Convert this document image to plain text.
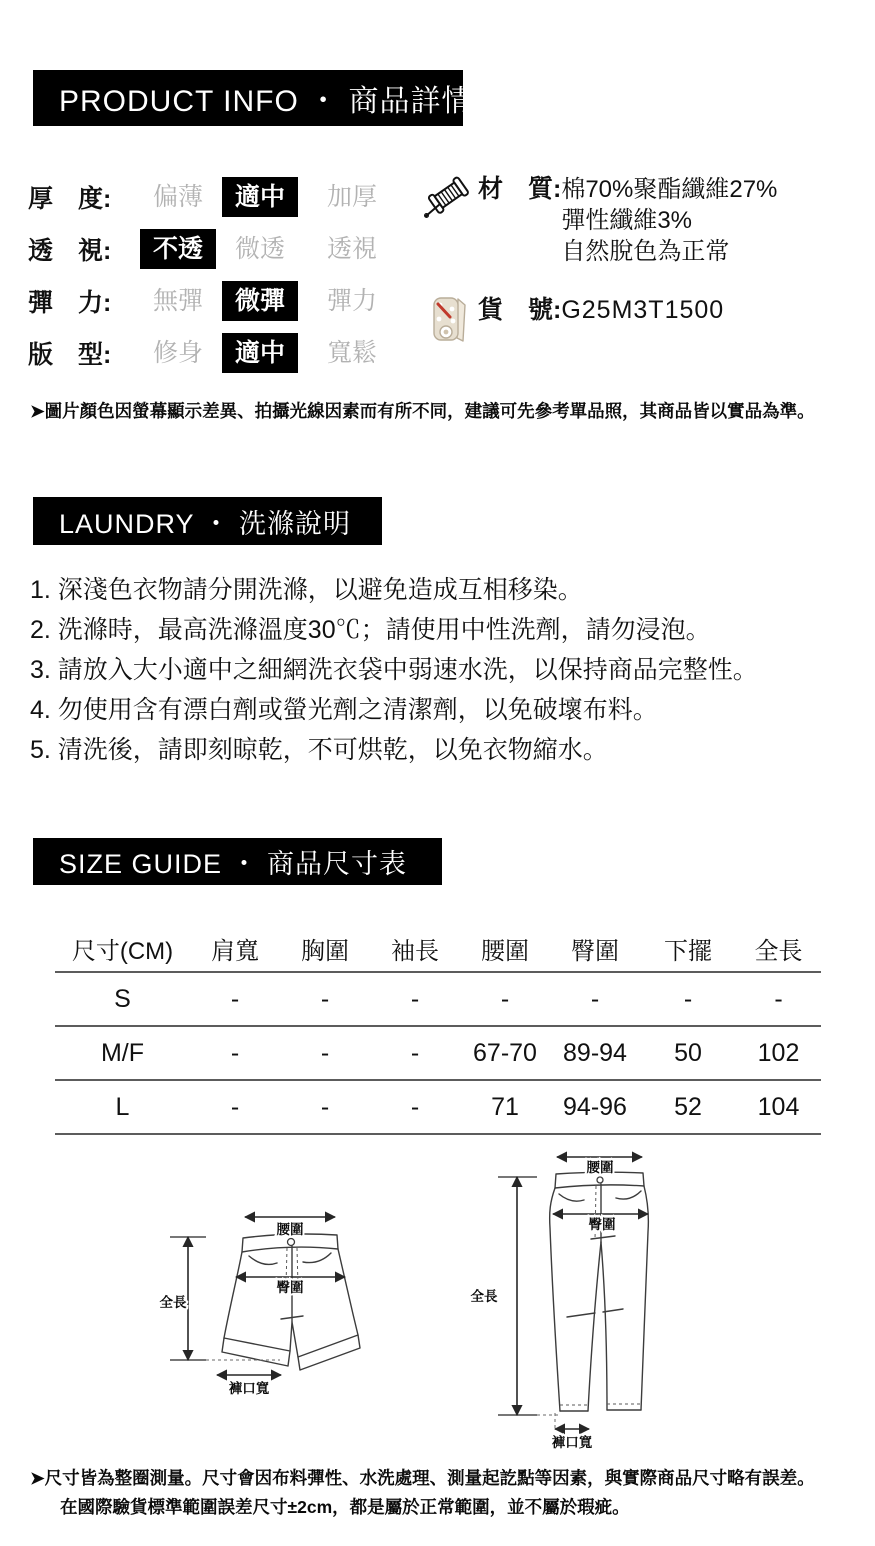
PRODUCT INFO ・ 商品詳情
厚　度:	偏薄	適中	加厚
透　視:	不透	微透	透視
彈　力:	無彈	微彈	彈力
版　型:	修身	適中	寬鬆
材　質: 棉70%聚酯纖維27%
彈性纖維3%
自然脫色為正常
貨　號: G25M3T1500
➤圖片顏色因螢幕顯示差異、拍攝光線因素而有所不同，建議可先參考單品照，其商品皆以實品為準。
LAUNDRY ・ 洗滌說明
1. 深淺色衣物請分開洗滌，以避免造成互相移染。
2. 洗滌時，最高洗滌溫度30℃；請使用中性洗劑，請勿浸泡。
3. 請放入大小適中之細網洗衣袋中弱速水洗，以保持商品完整性。
4. 勿使用含有漂白劑或螢光劑之清潔劑，以免破壞布料。
5. 清洗後，請即刻晾乾，不可烘乾，以免衣物縮水。
SIZE GUIDE ・ 商品尺寸表
尺寸(CM)	肩寬	胸圍	袖長	腰圍	臀圍	下擺	全長
S	-	-	-	-	-	-	-
M/F	-	-	-	67-70	89-94	50	102
L	-	-	-	71	94-96	52	104
腰圍
臀圍
全長
褲口寬
腰圍
臀圍
全長
褲口寬
➤尺寸皆為整圈測量。尺寸會因布料彈性、水洗處理、測量起訖點等因素，與實際商品尺寸略有誤差。
在國際驗貨標準範圍誤差尺寸±2cm，都是屬於正常範圍，並不屬於瑕疵。
